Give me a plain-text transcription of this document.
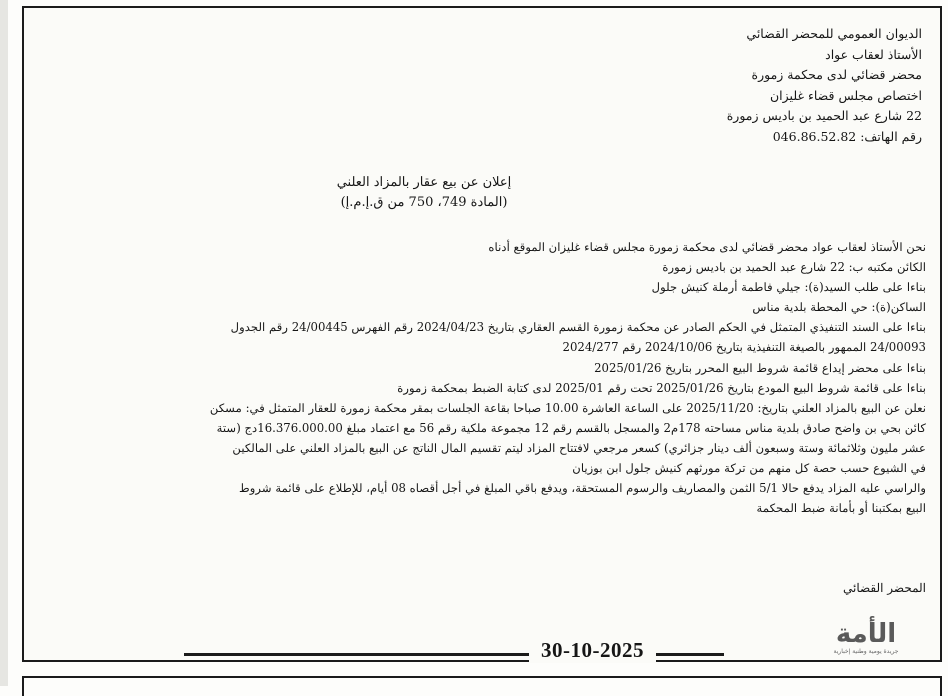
الديوان العمومي للمحضر القضائي
الأستاذ لعقاب عواد
محضر قضائي لدى محكمة زمورة
اختصاص مجلس قضاء غليزان
22 شارع عبد الحميد بن باديس زمورة
رقم الهاتف: 046.86.52.82
إعلان عن بيع عقار بالمزاد العلني
(المادة 749، 750 من ق.إ.م.إ)
نحن الأستاذ لعقاب عواد محضر قضائي لدى محكمة زمورة مجلس قضاء غليزان الموقع أدناه
الكائن مكتبه ب: 22 شارع عبد الحميد بن باديس زمورة
بناءا على طلب السيد(ة): جيلي فاطمة أرملة كنيش جلول
الساكن(ة): حي المحطة بلدية مناس
بناءا على السند التنفيذي المتمثل في الحكم الصادر عن محكمة زمورة القسم العقاري بتاريخ 2024/04/23 رقم الفهرس 24/00445 رقم الجدول
24/00093 الممهور بالصيغة التنفيذية بتاريخ 2024/10/06 رقم 2024/277
بناءا على محضر إيداع قائمة شروط البيع المحرر بتاريخ 2025/01/26
بناءا على قائمة شروط البيع المودع بتاريخ 2025/01/26 تحت رقم 2025/01 لدى كتابة الضبط بمحكمة زمورة
نعلن عن البيع بالمزاد العلني بتاريخ: 2025/11/20 على الساعة العاشرة 10.00 صباحا بقاعة الجلسات بمقر محكمة زمورة للعقار المتمثل في: مسكن
كائن بحي بن واضح صادق بلدية مناس مساحته 178م2 والمسجل بالقسم رقم 12 مجموعة ملكية رقم 56 مع اعتماد مبلغ 16.376.000.00دج (ستة
عشر مليون وثلاثمائة وستة وسبعون ألف دينار جزائري) كسعر مرجعي لافتتاح المزاد ليتم تقسيم المال الناتج عن البيع بالمزاد العلني على المالكين
في الشيوع حسب حصة كل منهم من تركة مورثهم كنيش جلول ابن بوزيان
والراسي عليه المزاد يدفع حالا 5/1 الثمن والمصاريف والرسوم المستحقة، ويدفع باقي المبلغ في أجل أقصاه 08 أيام، للإطلاع على قائمة شروط
البيع بمكتبنا أو بأمانة ضبط المحكمة
المحضر القضائي
30-10-2025
الأمة
جريدة يومية وطنية إخبارية
